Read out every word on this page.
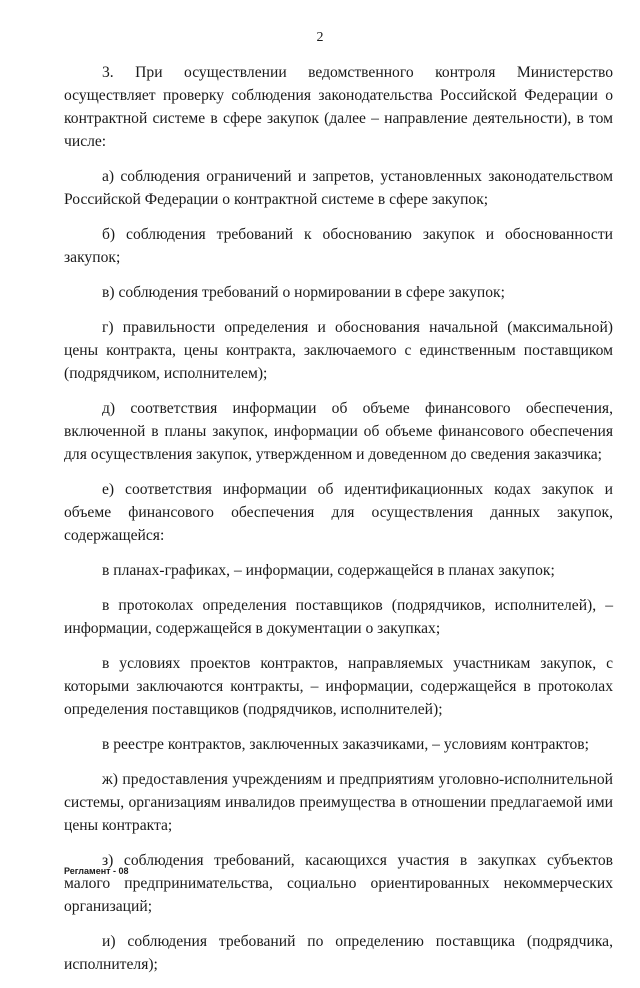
2

3. При осуществлении ведомственного контроля Министерство осуществляет проверку соблюдения законодательства Российской Федерации о контрактной системе в сфере закупок (далее – направление деятельности), в том числе:

а) соблюдения ограничений и запретов, установленных законодательством Российской Федерации о контрактной системе в сфере закупок;

б) соблюдения требований к обоснованию закупок и обоснованности закупок;

в) соблюдения требований о нормировании в сфере закупок;

г) правильности определения и обоснования начальной (максимальной) цены контракта, цены контракта, заключаемого с единственным поставщиком (подрядчиком, исполнителем);

д) соответствия информации об объеме финансового обеспечения, включенной в планы закупок, информации об объеме финансового обеспечения для осуществления закупок, утвержденном и доведенном до сведения заказчика;

е) соответствия информации об идентификационных кодах закупок и объеме финансового обеспечения для осуществления данных закупок, содержащейся:

в планах-графиках, – информации, содержащейся в планах закупок;

в протоколах определения поставщиков (подрядчиков, исполнителей), – информации, содержащейся в документации о закупках;

в условиях проектов контрактов, направляемых участникам закупок, с которыми заключаются контракты, – информации, содержащейся в протоколах определения поставщиков (подрядчиков, исполнителей);

в реестре контрактов, заключенных заказчиками, – условиям контрактов;

ж) предоставления учреждениям и предприятиям уголовно-исполнительной системы, организациям инвалидов преимущества в отношении предлагаемой ими цены контракта;

з) соблюдения требований, касающихся участия в закупках субъектов малого предпринимательства, социально ориентированных некоммерческих организаций;

и) соблюдения требований по определению поставщика (подрядчика, исполнителя);

Регламент - 08
